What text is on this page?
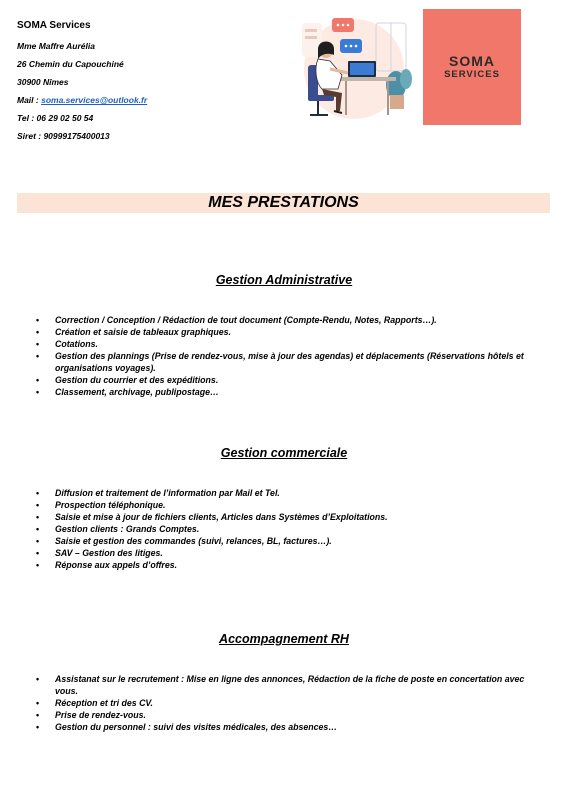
SOMA Services
Mme Maffre Aurélia
26 Chemin du Capouchiné
30900 Nîmes
Mail : soma.services@outlook.fr
Tel : 06 29 02 50 54
Siret : 90999175400013
SOMA
SERVICES
MES PRESTATIONS
Gestion Administrative
• Correction / Conception / Rédaction de tout document (Compte-Rendu, Notes, Rapports…).
• Création et saisie de tableaux graphiques.
• Cotations.
• Gestion des plannings (Prise de rendez-vous, mise à jour des agendas) et déplacements (Réservations hôtels et organisations voyages).
• Gestion du courrier et des expéditions.
• Classement, archivage, publipostage…
Gestion commerciale
• Diffusion et traitement de l’information par Mail et Tel.
• Prospection téléphonique.
• Saisie et mise à jour de fichiers clients, Articles dans Systèmes d’Exploitations.
• Gestion clients : Grands Comptes.
• Saisie et gestion des commandes (suivi, relances, BL, factures…).
• SAV – Gestion des litiges.
• Réponse aux appels d’offres.
Accompagnement RH
• Assistanat sur le recrutement : Mise en ligne des annonces, Rédaction de la fiche de poste en concertation avec vous.
• Réception et tri des CV.
• Prise de rendez-vous.
• Gestion du personnel : suivi des visites médicales, des absences…
